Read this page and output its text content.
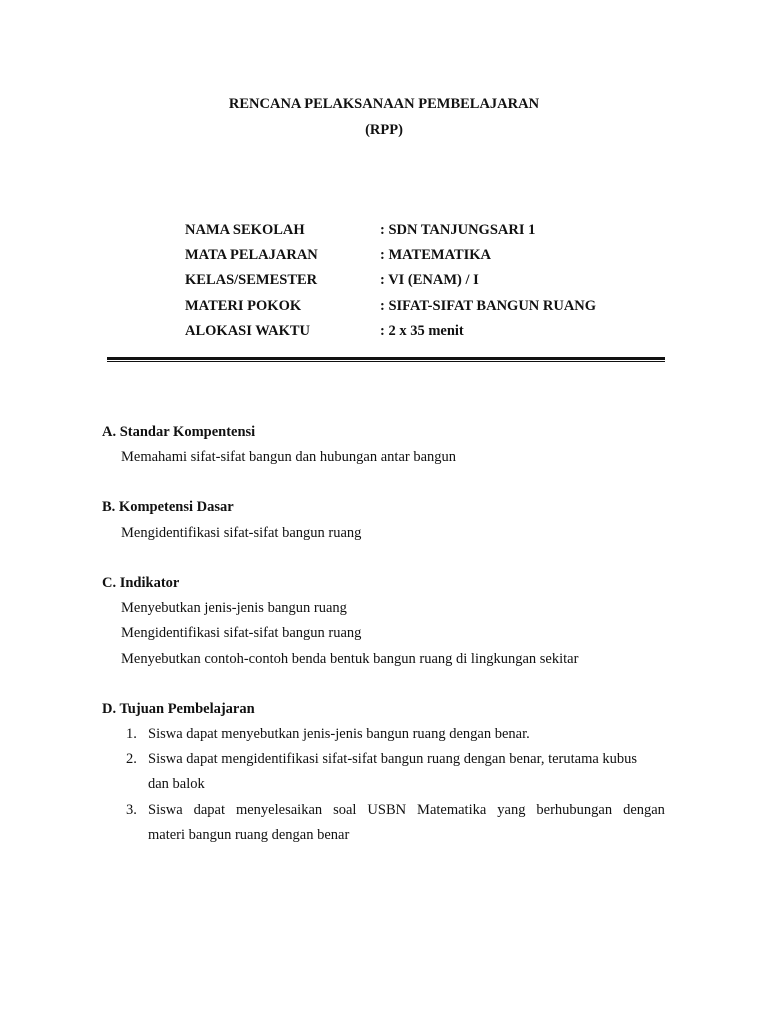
RENCANA PELAKSANAAN PEMBELAJARAN
(RPP)
NAMA SEKOLAH	: SDN TANJUNGSARI 1
MATA PELAJARAN	: MATEMATIKA
KELAS/SEMESTER	: VI (ENAM) / I
MATERI POKOK	: SIFAT-SIFAT BANGUN RUANG
ALOKASI WAKTU	: 2 x 35 menit
A. Standar Kompentensi
Memahami sifat-sifat bangun dan hubungan antar bangun
B. Kompetensi Dasar
Mengidentifikasi sifat-sifat bangun ruang
C. Indikator
Menyebutkan jenis-jenis bangun ruang
Mengidentifikasi sifat-sifat bangun ruang
Menyebutkan contoh-contoh benda bentuk bangun ruang di lingkungan sekitar
D. Tujuan Pembelajaran
1. Siswa dapat menyebutkan jenis-jenis bangun ruang dengan benar.
2. Siswa dapat mengidentifikasi sifat-sifat bangun ruang dengan benar, terutama kubus
dan balok
3. Siswa dapat menyelesaikan soal USBN Matematika yang berhubungan dengan
materi bangun ruang dengan benar
